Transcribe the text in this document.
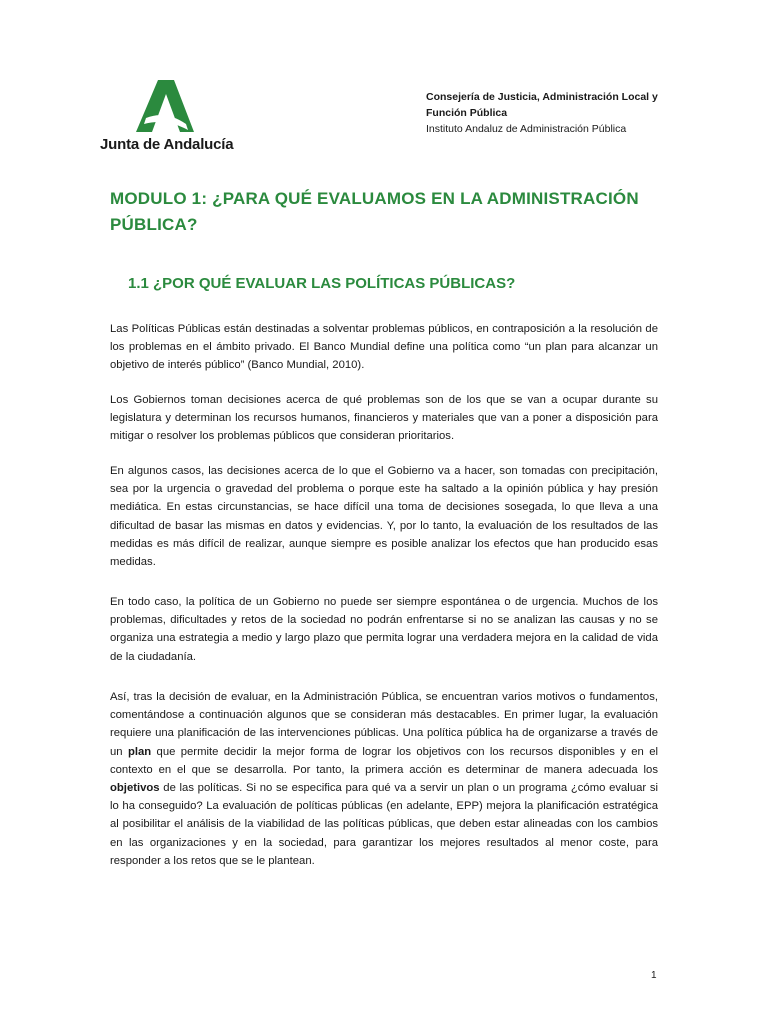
Junta de Andalucía
Consejería de Justicia, Administración Local y Función Pública
Instituto Andaluz de Administración Pública
MODULO 1: ¿PARA QUÉ EVALUAMOS EN LA ADMINISTRACIÓN PÚBLICA?
1.1 ¿POR QUÉ EVALUAR LAS POLÍTICAS PÚBLICAS?

Las Políticas Públicas están destinadas a solventar problemas públicos, en contraposición a la resolución de los problemas en el ámbito privado. El Banco Mundial define una política como “un plan para alcanzar un objetivo de interés público” (Banco Mundial, 2010).

Los Gobiernos toman decisiones acerca de qué problemas son de los que se van a ocupar durante su legislatura y determinan los recursos humanos, financieros y materiales que van a poner a disposición para mitigar o resolver los problemas públicos que consideran prioritarios.

En algunos casos, las decisiones acerca de lo que el Gobierno va a hacer, son tomadas con precipitación, sea por la urgencia o gravedad del problema o porque este ha saltado a la opinión pública y hay presión mediática. En estas circunstancias, se hace difícil una toma de decisiones sosegada, lo que lleva a una dificultad de basar las mismas en datos y evidencias. Y, por lo tanto, la evaluación de los resultados de las medidas es más difícil de realizar, aunque siempre es posible analizar los efectos que han producido esas medidas.

En todo caso, la política de un Gobierno no puede ser siempre espontánea o de urgencia. Muchos de los problemas, dificultades y retos de la sociedad no podrán enfrentarse si no se analizan las causas y no se organiza una estrategia a medio y largo plazo que permita lograr una verdadera mejora en la calidad de vida de la ciudadanía.

Así, tras la decisión de evaluar, en la Administración Pública, se encuentran varios motivos o fundamentos, comentándose a continuación algunos que se consideran más destacables. En primer lugar, la evaluación requiere una planificación de las intervenciones públicas. Una política pública ha de organizarse a través de un plan que permite decidir la mejor forma de lograr los objetivos con los recursos disponibles y en el contexto en el que se desarrolla. Por tanto, la primera acción es determinar de manera adecuada los objetivos de las políticas. Si no se especifica para qué va a servir un plan o un programa ¿cómo evaluar si lo ha conseguido? La evaluación de políticas públicas (en adelante, EPP) mejora la planificación estratégica al posibilitar el análisis de la viabilidad de las políticas públicas, que deben estar alineadas con los cambios en las organizaciones y en la sociedad, para garantizar los mejores resultados al menor coste, para responder a los retos que se le plantean.

1
